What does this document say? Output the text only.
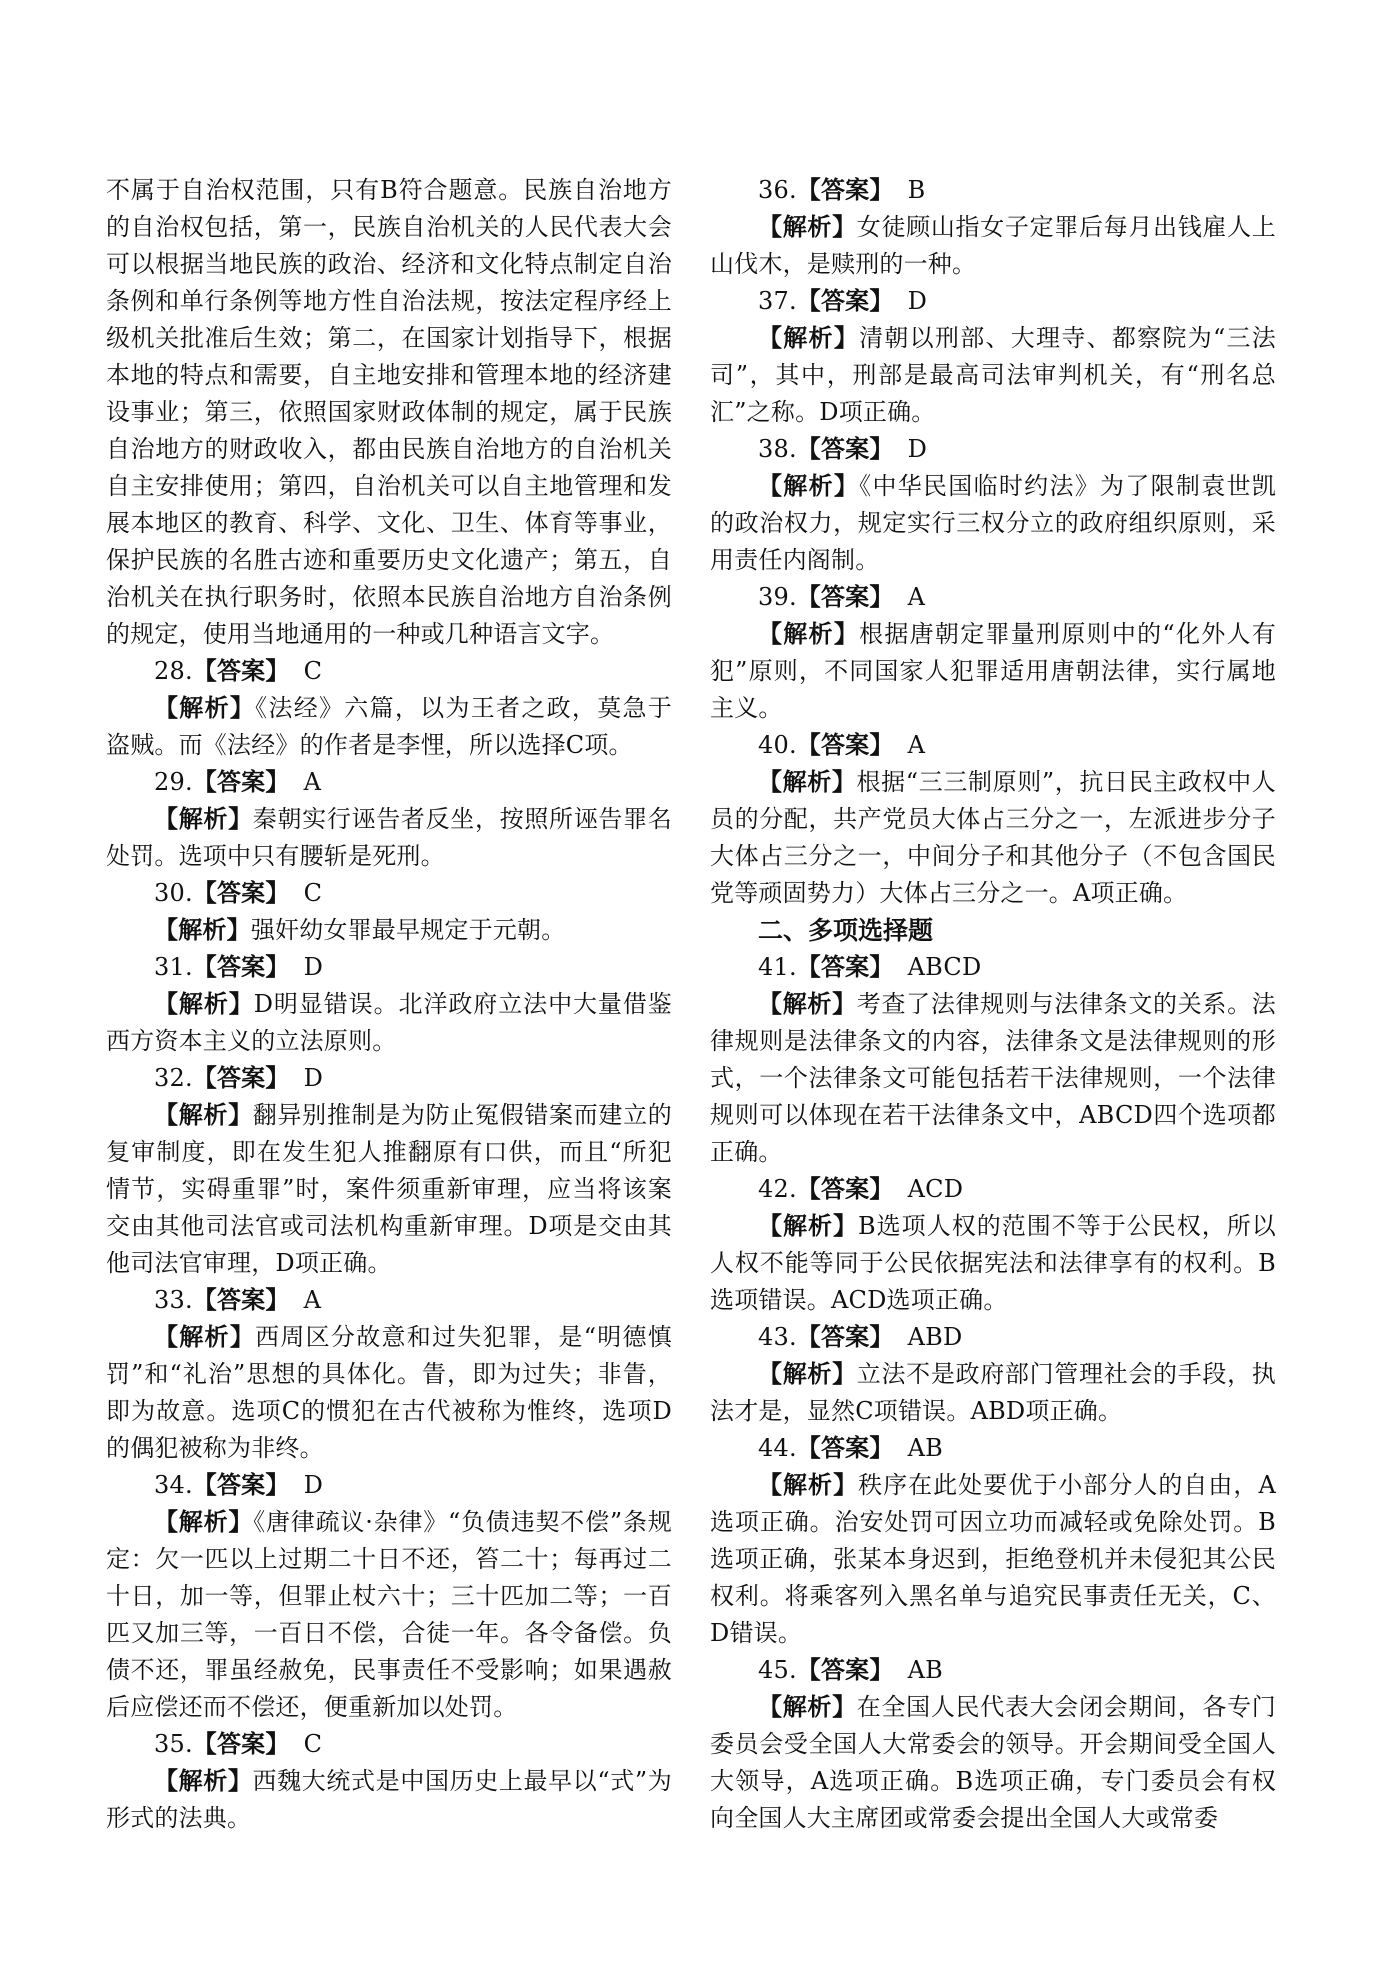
不属于自治权范围，只有B符合题意。民族自治地方的自治权包括，第一，民族自治机关的人民代表大会可以根据当地民族的政治、经济和文化特点制定自治条例和单行条例等地方性自治法规，按法定程序经上级机关批准后生效；第二，在国家计划指导下，根据本地的特点和需要，自主地安排和管理本地的经济建设事业；第三，依照国家财政体制的规定，属于民族自治地方的财政收入，都由民族自治地方的自治机关自主安排使用；第四，自治机关可以自主地管理和发展本地区的教育、科学、文化、卫生、体育等事业，保护民族的名胜古迹和重要历史文化遗产；第五，自治机关在执行职务时，依照本民族自治地方自治条例的规定，使用当地通用的一种或几种语言文字。

28.【答案】 C

【解析】《法经》六篇，以为王者之政，莫急于盗贼。而《法经》的作者是李悝，所以选择C项。

29.【答案】 A

【解析】秦朝实行诬告者反坐，按照所诬告罪名处罚。选项中只有腰斩是死刑。

30.【答案】 C

【解析】强奸幼女罪最早规定于元朝。

31.【答案】 D

【解析】D明显错误。北洋政府立法中大量借鉴西方资本主义的立法原则。

32.【答案】 D

【解析】翻异别推制是为防止冤假错案而建立的复审制度，即在发生犯人推翻原有口供，而且“所犯情节，实碍重罪”时，案件须重新审理，应当将该案交由其他司法官或司法机构重新审理。D项是交由其他司法官审理，D项正确。

33.【答案】 A

【解析】西周区分故意和过失犯罪，是“明德慎罚”和“礼治”思想的具体化。眚，即为过失；非眚，即为故意。选项C的惯犯在古代被称为惟终，选项D的偶犯被称为非终。

34.【答案】 D

【解析】《唐律疏议·杂律》“负债违契不偿”条规定：欠一匹以上过期二十日不还，笞二十；每再过二十日，加一等，但罪止杖六十；三十匹加二等；一百匹又加三等，一百日不偿，合徒一年。各令备偿。负债不还，罪虽经赦免，民事责任不受影响；如果遇赦后应偿还而不偿还，便重新加以处罚。

35.【答案】 C

【解析】西魏大统式是中国历史上最早以“式”为形式的法典。

36.【答案】 B

【解析】女徒顾山指女子定罪后每月出钱雇人上山伐木，是赎刑的一种。

37.【答案】 D

【解析】清朝以刑部、大理寺、都察院为“三法司”，其中，刑部是最高司法审判机关，有“刑名总汇”之称。D项正确。

38.【答案】 D

【解析】《中华民国临时约法》为了限制袁世凯的政治权力，规定实行三权分立的政府组织原则，采用责任内阁制。

39.【答案】 A

【解析】根据唐朝定罪量刑原则中的“化外人有犯”原则，不同国家人犯罪适用唐朝法律，实行属地主义。

40.【答案】 A

【解析】根据“三三制原则”，抗日民主政权中人员的分配，共产党员大体占三分之一，左派进步分子大体占三分之一，中间分子和其他分子（不包含国民党等顽固势力）大体占三分之一。A项正确。

二、多项选择题

41.【答案】 ABCD

【解析】考查了法律规则与法律条文的关系。法律规则是法律条文的内容，法律条文是法律规则的形式，一个法律条文可能包括若干法律规则，一个法律规则可以体现在若干法律条文中，ABCD四个选项都正确。

42.【答案】 ACD

【解析】B选项人权的范围不等于公民权，所以人权不能等同于公民依据宪法和法律享有的权利。B选项错误。ACD选项正确。

43.【答案】 ABD

【解析】立法不是政府部门管理社会的手段，执法才是，显然C项错误。ABD项正确。

44.【答案】 AB

【解析】秩序在此处要优于小部分人的自由，A选项正确。治安处罚可因立功而减轻或免除处罚。B选项正确，张某本身迟到，拒绝登机并未侵犯其公民权利。将乘客列入黑名单与追究民事责任无关，C、D错误。

45.【答案】 AB

【解析】在全国人民代表大会闭会期间，各专门委员会受全国人大常委会的领导。开会期间受全国人大领导，A选项正确。B选项正确，专门委员会有权向全国人大主席团或常委会提出全国人大或常委
